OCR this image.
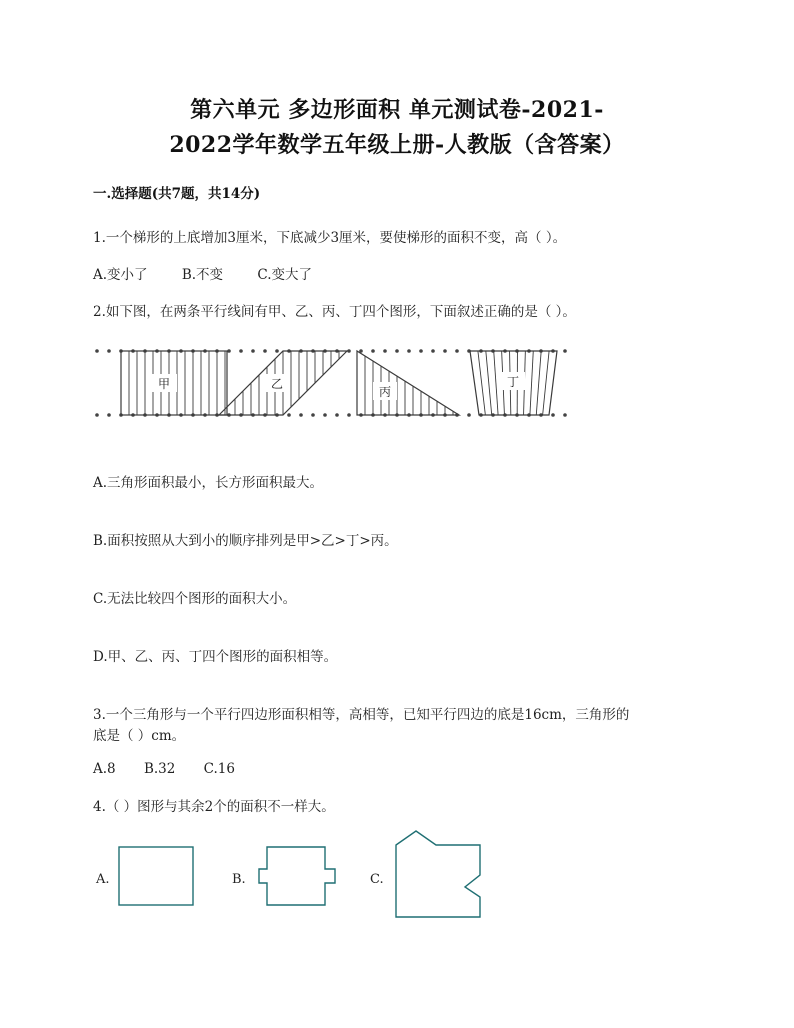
第六单元 多边形面积 单元测试卷-2021-
2022学年数学五年级上册-人教版（含答案）
一.选择题(共7题，共14分)
1.一个梯形的上底增加3厘米，下底减少3厘米，要使梯形的面积不变，高（ ）。
A.变小了	B.不变	C.变大了
2.如下图，在两条平行线间有甲、乙、丙、丁四个图形，下面叙述正确的是（ ）。
甲	乙
丙
丁
A.三角形面积最小，长方形面积最大。
B.面积按照从大到小的顺序排列是甲>乙>丁>丙。
C.无法比较四个图形的面积大小。
D.甲、乙、丙、丁四个图形的面积相等。
3.一个三角形与一个平行四边形面积相等，高相等，已知平行四边的底是16cm，三角形的
底是（ ）cm。
A.8 B.32 C.16
4.（ ）图形与其余2个的面积不一样大。
A.	B.	C.
